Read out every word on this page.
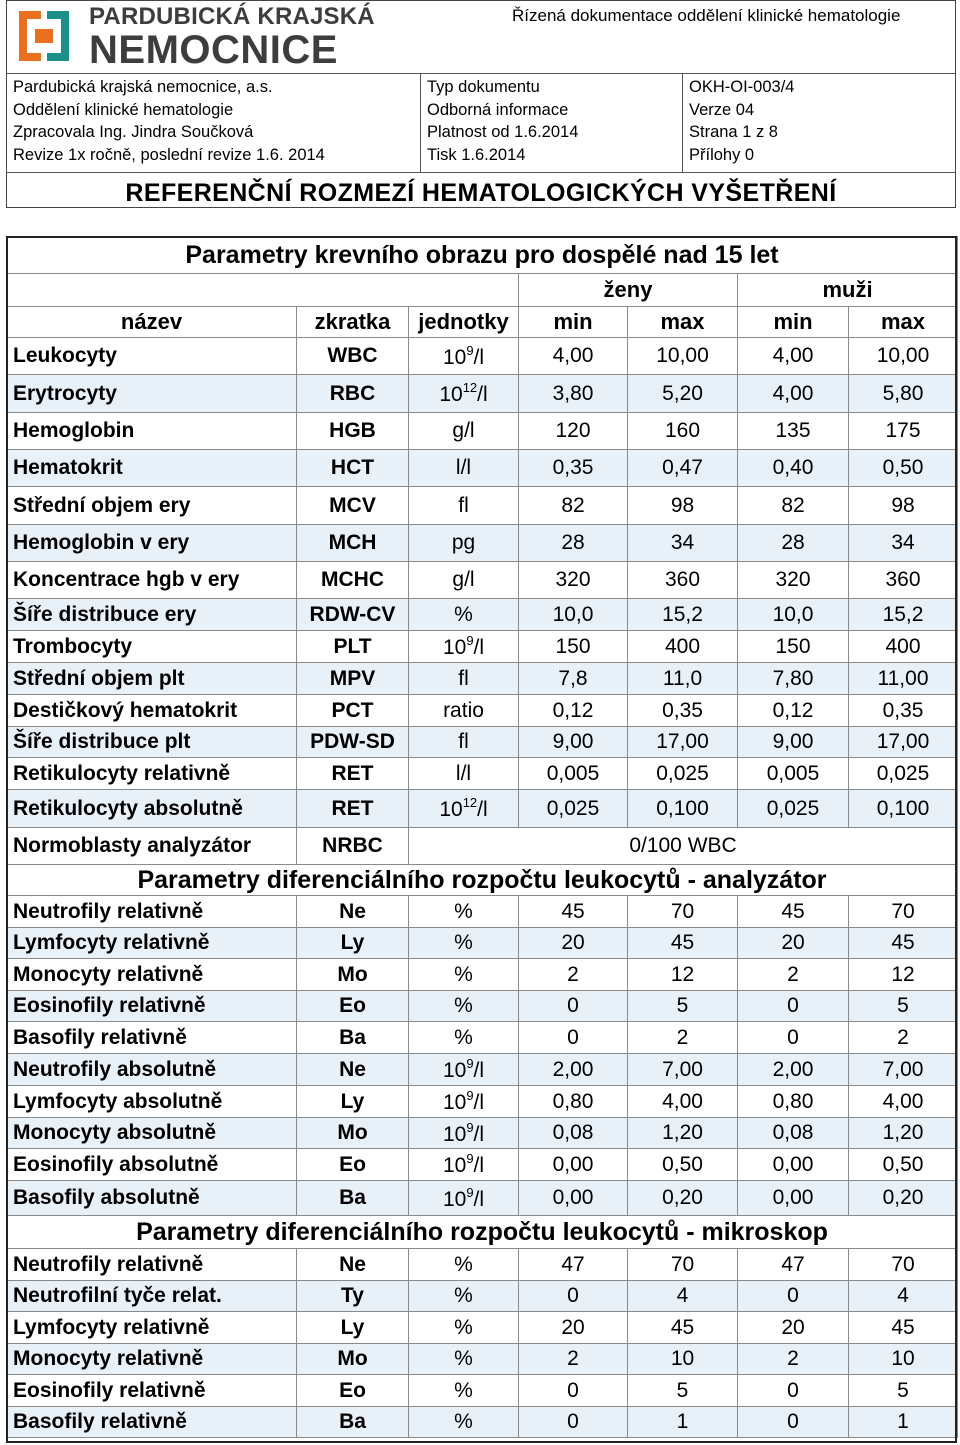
PARDUBICKÁ KRAJSKÁ
NEMOCNICE
Řízená dokumentace oddělení klinické hematologie
Pardubická krajská nemocnice, a.s.
Oddělení klinické hematologie
Zpracovala Ing. Jindra Součková
Revize 1x ročně, poslední revize 1.6. 2014
Typ dokumentu
Odborná informace
Platnost od 1.6.2014
Tisk 1.6.2014
OKH-OI-003/4
Verze 04
Strana 1 z 8
Přílohy 0
REFERENČNÍ ROZMEZÍ HEMATOLOGICKÝCH VYŠETŘENÍ
Parametry krevního obrazu pro dospělé nad 15 let						
			ženy		muži	
název	zkratka	jednotky	min	max	min	max
Leukocyty	WBC	$10^9/l$	4,00	10,00	4,00	10,00
Erytrocyty	RBC	$10^{12}/l$	3,80	5,20	4,00	5,80
Hemoglobin	HGB	g/l	120	160	135	175
Hematokrit	HCT	l/l	0,35	0,47	0,40	0,50
Střední objem ery	MCV	fl	82	98	82	98
Hemoglobin v ery	MCH	pg	28	34	28	34
Koncentrace hgb v ery	MCHC	g/l	320	360	320	360
Šíře distribuce ery	RDW-CV	%	10,0	15,2	10,0	15,2
Trombocyty	PLT	$10^9/l$	150	400	150	400
Střední objem plt	MPV	fl	7,8	11,0	7,80	11,00
Destičkový hematokrit	PCT	ratio	0,12	0,35	0,12	0,35
Šíře distribuce plt	PDW-SD	fl	9,00	17,00	9,00	17,00
Retikulocyty relativně	RET	l/l	0,005	0,025	0,005	0,025
Retikulocyty absolutně	RET	$10^{12}/l$	0,025	0,100	0,025	0,100
Normoblasty analyzátor	NRBC	0/100 WBC				
Parametry diferenciálního rozpočtu leukocytů - analyzátor						
Neutrofily relativně	Ne	%	45	70	45	70
Lymfocyty relativně	Ly	%	20	45	20	45
Monocyty relativně	Mo	%	2	12	2	12
Eosinofily relativně	Eo	%	0	5	0	5
Basofily relativně	Ba	%	0	2	0	2
Neutrofily absolutně	Ne	$10^9/l$	2,00	7,00	2,00	7,00
Lymfocyty absolutně	Ly	$10^9/l$	0,80	4,00	0,80	4,00
Monocyty absolutně	Mo	$10^9/l$	0,08	1,20	0,08	1,20
Eosinofily absolutně	Eo	$10^9/l$	0,00	0,50	0,00	0,50
Basofily absolutně	Ba	$10^9/l$	0,00	0,20	0,00	0,20
Parametry diferenciálního rozpočtu leukocytů - mikroskop						
Neutrofily relativně	Ne	%	47	70	47	70
Neutrofilní tyče relat.	Ty	%	0	4	0	4
Lymfocyty relativně	Ly	%	20	45	20	45
Monocyty relativně	Mo	%	2	10	2	10
Eosinofily relativně	Eo	%	0	5	0	5
Basofily relativně	Ba	%	0	1	0	1
